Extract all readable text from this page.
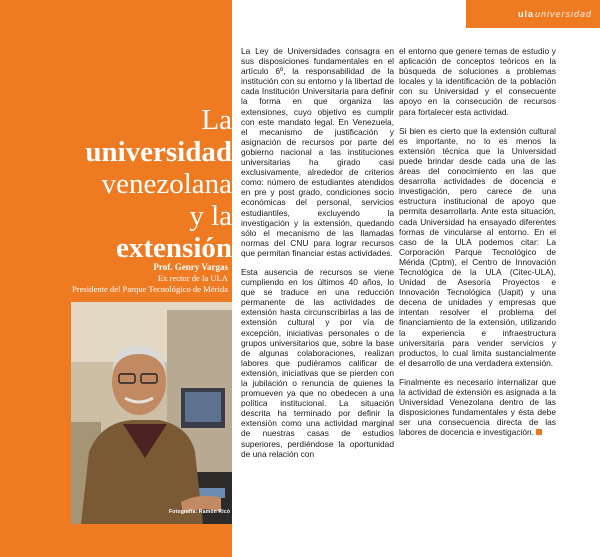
ula universidad
La
universidad
venezolana
y la
extensión
Prof. Genry Vargas
Ex rector de la ULA
Presidente del Parque Tecnológico de Mérida
Fotografía: Ramón Ricó

La Ley de Universidades consagra en sus disposiciones fundamentales en el artículo 6º, la responsabilidad de la institución con su entorno y la libertad de cada Institución Universitaria para definir la forma en que organiza las extensiones, cuyo objetivo es cumplir con este mandato legal. En Venezuela, el mecanismo de justificación y asignación de recursos por parte del gobierno nacional a las instituciones universitarias ha girado casi exclusivamente, alrededor de criterios como: número de estudiantes atendidos en pre y post grado, condiciones socio económicas del personal, servicios estudiantiles, excluyendo la investigación y la extensión, quedando sólo el mecanismo de las llamadas normas del CNU para lograr recursos que permitan financiar estas actividades.

Esta ausencia de recursos se viene cumpliendo en los últimos 40 años, lo que se traduce en una reducción permanente de las actividades de extensión hasta circunscribirlas a las de extensión cultural y por vía de excepción, iniciativas personales o de grupos universitarios que, sobre la base de algunas colaboraciones, realizan labores que pudiéramos calificar de extensión, iniciativas que se pierden con la jubilación o renuncia de quienes la promueven ya que no obedecen a una política institucional. La situación descrita ha terminado por definir la extensión como una actividad marginal de nuestras casas de estudios superiores, perdiéndose la oportunidad de una relación con

el entorno que genere temas de estudio y aplicación de conceptos teóricos en la búsqueda de soluciones a problemas locales y la identificación de la población con su Universidad y el consecuente apoyo en la consecución de recursos para fortalecer esta actividad.

Si bien es cierto que la extensión cultural es importante, no lo es menos la extensión técnica que la Universidad puede brindar desde cada una de las áreas del conocimiento en las que desarrolla actividades de docencia e investigación, pero carece de una estructura institucional de apoyo que permita desarrollarla. Ante esta situación, cada Universidad ha ensayado diferentes formas de vincularse al entorno. En el caso de la ULA podemos citar: La Corporación Parque Tecnológico de Mérida (Cptm), el Centro de Innovación Tecnológica de la ULA (Citec-ULA), Unidad de Asesoría Proyectos e Innovación Tecnológica (Uapit) y una decena de unidades y empresas que intentan resolver el problema del financiamiento de la extensión, utilizando la experiencia e infraestructura universitaria para vender servicios y productos, lo cual limita sustancialmente el desarrollo de una verdadera extensión.

Finalmente es necesario internalizar que la actividad de extensión es asignada a la Universidad Venezolana dentro de las disposiciones fundamentales y ésta debe ser una consecuencia directa de las labores de docencia e investigación.
